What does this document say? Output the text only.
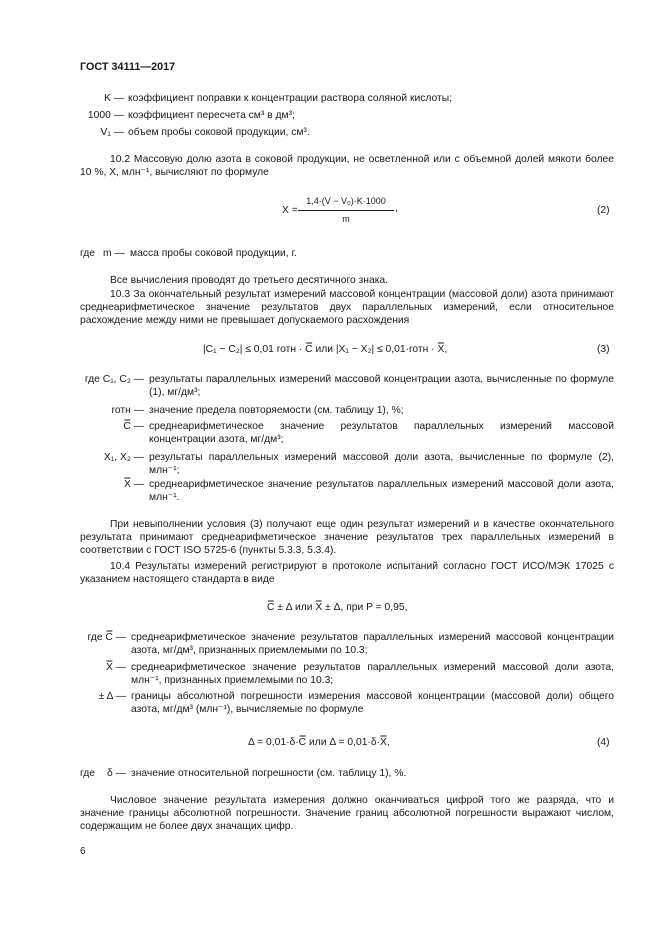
ГОСТ 34111—2017
K — коэффициент поправки к концентрации раствора соляной кислоты;
1000 — коэффициент пересчета см³ в дм³;
V₁ — объем пробы соковой продукции, см³.
10.2 Массовую долю азота в соковой продукции, не осветленной или с объемной долей мякоти более 10 %, X, млн⁻¹, вычисляют по формуле
X =
1,4·(V − V₀)·K·1000
m
,	(2)
где m — масса пробы соковой продукции, г.
Все вычисления проводят до третьего десятичного знака.
10.3 За окончательный результат измерений массовой концентрации (массовой доли) азота принимают среднеарифметическое значение результатов двух параллельных измерений, если относительное расхождение между ними не превышает допускаемого расхождения
|C₁ − C₂| ≤ 0,01 rотн · C̿ или |X₁ − X₂| ≤ 0,01·rотн · X̿,	(3)
где C₁, C₂ — результаты параллельных измерений массовой концентрации азота, вычисленные по формуле (1), мг/дм³;
rотн — значение предела повторяемости (см. таблицу 1), %;
C̿ — среднеарифметическое значение результатов параллельных измерений массовой концентрации азота, мг/дм³;
X₁, X₂ — результаты параллельных измерений массовой доли азота, вычисленные по формуле (2), млн⁻¹;
X̿ — среднеарифметическое значение результатов параллельных измерений массовой доли азота, млн⁻¹.
При невыполнении условия (3) получают еще один результат измерений и в качестве окончательного результата принимают среднеарифметическое значение результатов трех параллельных измерений в соответствии с ГОСТ ISO 5725-6 (пункты 5.3.3, 5.3.4).
10.4 Результаты измерений регистрируют в протоколе испытаний согласно ГОСТ ИСО/МЭК 17025 с указанием настоящего стандарта в виде
C̿ ± Δ или X̿ ± Δ, при P = 0,95,
где C̿ — среднеарифметическое значение результатов параллельных измерений массовой концентрации азота, мг/дм³, признанных приемлемыми по 10.3;
X̿ — среднеарифметическое значение результатов параллельных измерений массовой доли азота, млн⁻¹, признанных приемлемыми по 10.3;
± Δ — границы абсолютной погрешности измерения массовой концентрации (массовой доли) общего азота, мг/дм³ (млн⁻¹), вычисляемые по формуле
Δ = 0,01·δ·C̿ или Δ = 0,01·δ·X̿,	(4)
где δ — значение относительной погрешности (см. таблицу 1), %.
Числовое значение результата измерения должно оканчиваться цифрой того же разряда, что и значение границы абсолютной погрешности. Значение границ абсолютной погрешности выражают числом, содержащим не более двух значащих цифр.
6
